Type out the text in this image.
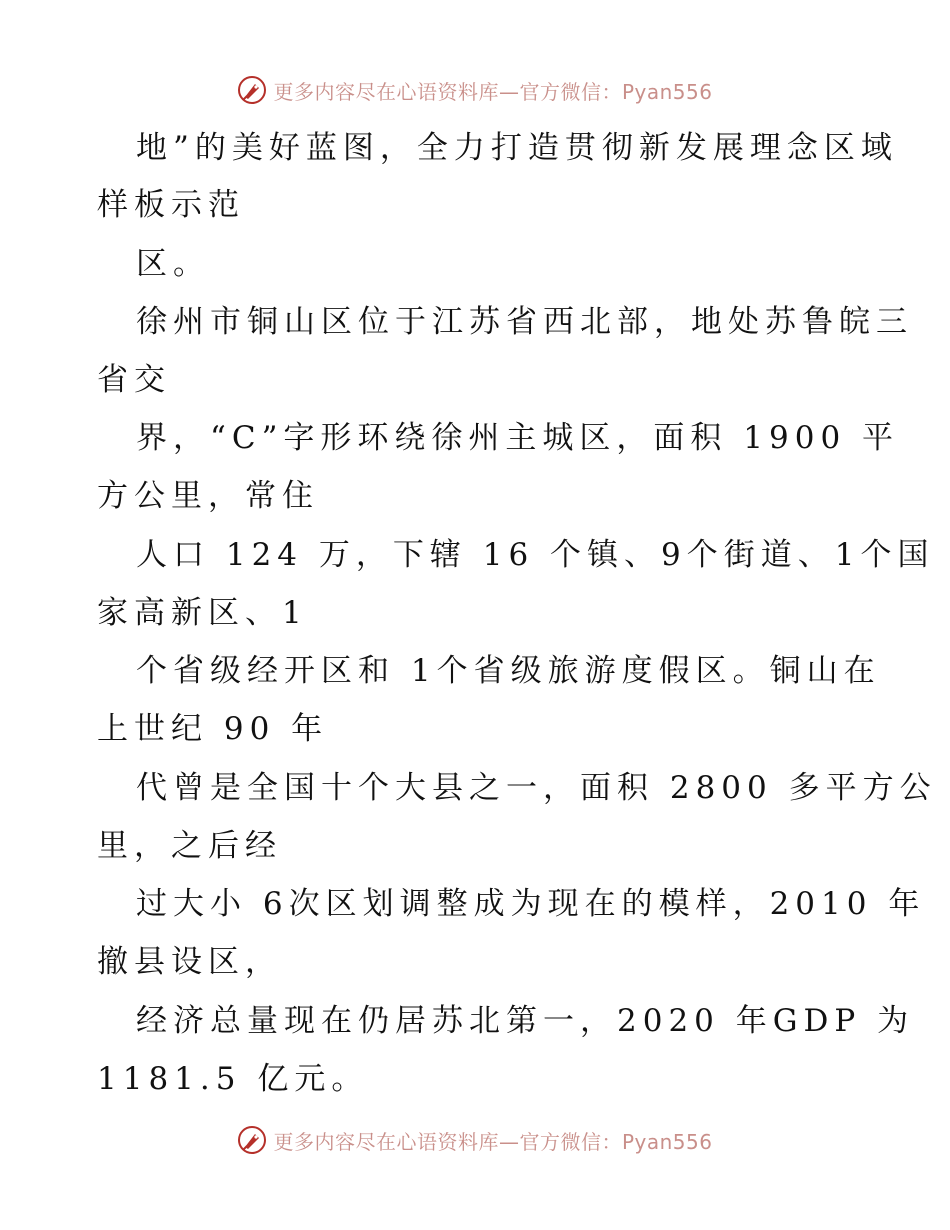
更多内容尽在心语资料库—官方微信：Pyan556
地”的美好蓝图，全力打造贯彻新发展理念区域
样板示范
区。
徐州市铜山区位于江苏省西北部，地处苏鲁皖三
省交
界，“C”字形环绕徐州主城区，面积 1900 平
方公里，常住
人口 124 万，下辖 16 个镇、9个街道、1个国
家高新区、1
个省级经开区和 1个省级旅游度假区。铜山在
上世纪 90 年
代曾是全国十个大县之一，面积 2800 多平方公
里，之后经
过大小 6次区划调整成为现在的模样，2010 年
撤县设区，
经济总量现在仍居苏北第一，2020 年GDP 为
1181.5 亿元。
更多内容尽在心语资料库—官方微信：Pyan556
